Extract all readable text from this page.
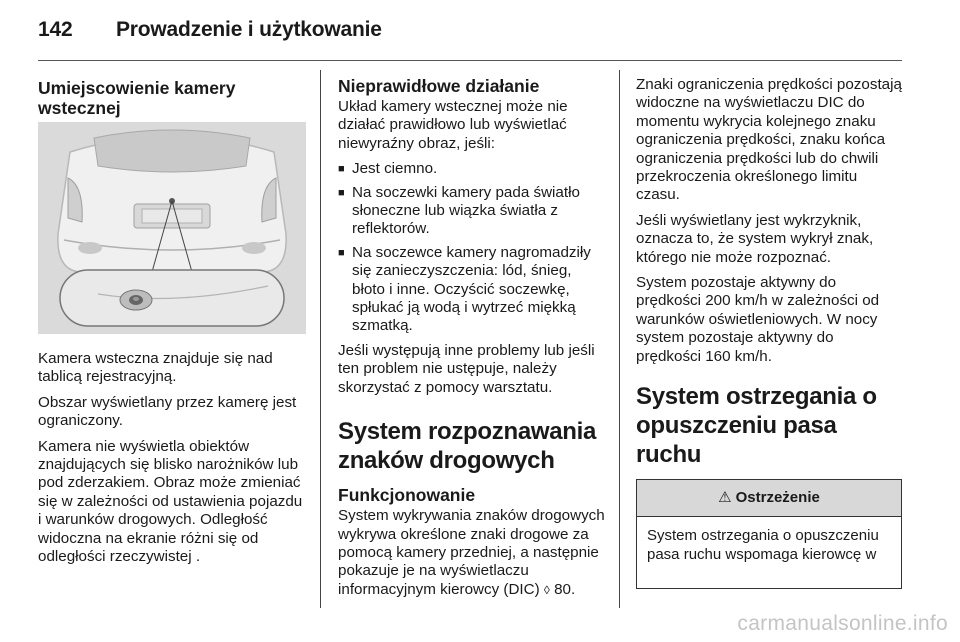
142 Prowadzenie i użytkowanie
Umiejscowienie kamery wstecznej

Kamera wsteczna znajduje się nad tablicą rejestracyjną.

Obszar wyświetlany przez kamerę jest ograniczony.

Kamera nie wyświetla obiektów znajdujących się blisko narożników lub pod zderzakiem. Obraz może zmieniać się w zależności od ustawienia pojazdu i warunków drogowych. Odległość widoczna na ekranie różni się od odległości rzeczywistej .

Nieprawidłowe działanie

Układ kamery wstecznej może nie działać prawidłowo lub wyświetlać niewyraźny obraz, jeśli:

■ Jest ciemno.
■ Na soczewki kamery pada światło słoneczne lub wiązka światła z reflektorów.
■ Na soczewce kamery nagromadziły się zanieczyszczenia: lód, śnieg, błoto i inne. Oczyścić soczewkę, spłukać ją wodą i wytrzeć miękką szmatką.

Jeśli występują inne problemy lub jeśli ten problem nie ustępuje, należy skorzystać z pomocy warsztatu.

System rozpoznawania znaków drogowych
Funkcjonowanie

System wykrywania znaków drogowych wykrywa określone znaki drogowe za pomocą kamery przedniej, a następnie pokazuje je na wyświetlaczu informacyjnym kierowcy (DIC) ◊ 80.

Znaki ograniczenia prędkości pozostają widoczne na wyświetlaczu DIC do momentu wykrycia kolejnego znaku ograniczenia prędkości, znaku końca ograniczenia prędkości lub do chwili przekroczenia określonego limitu czasu.

Jeśli wyświetlany jest wykrzyknik, oznacza to, że system wykrył znak, którego nie może rozpoznać.

System pozostaje aktywny do prędkości 200 km/h w zależności od warunków oświetleniowych. W nocy system pozostaje aktywny do prędkości 160 km/h.

System ostrzegania o opuszczeniu pasa ruchu
⚠ Ostrzeżenie
System ostrzegania o opuszczeniu pasa ruchu wspomaga kierowcę w
carmanualsonline.info
